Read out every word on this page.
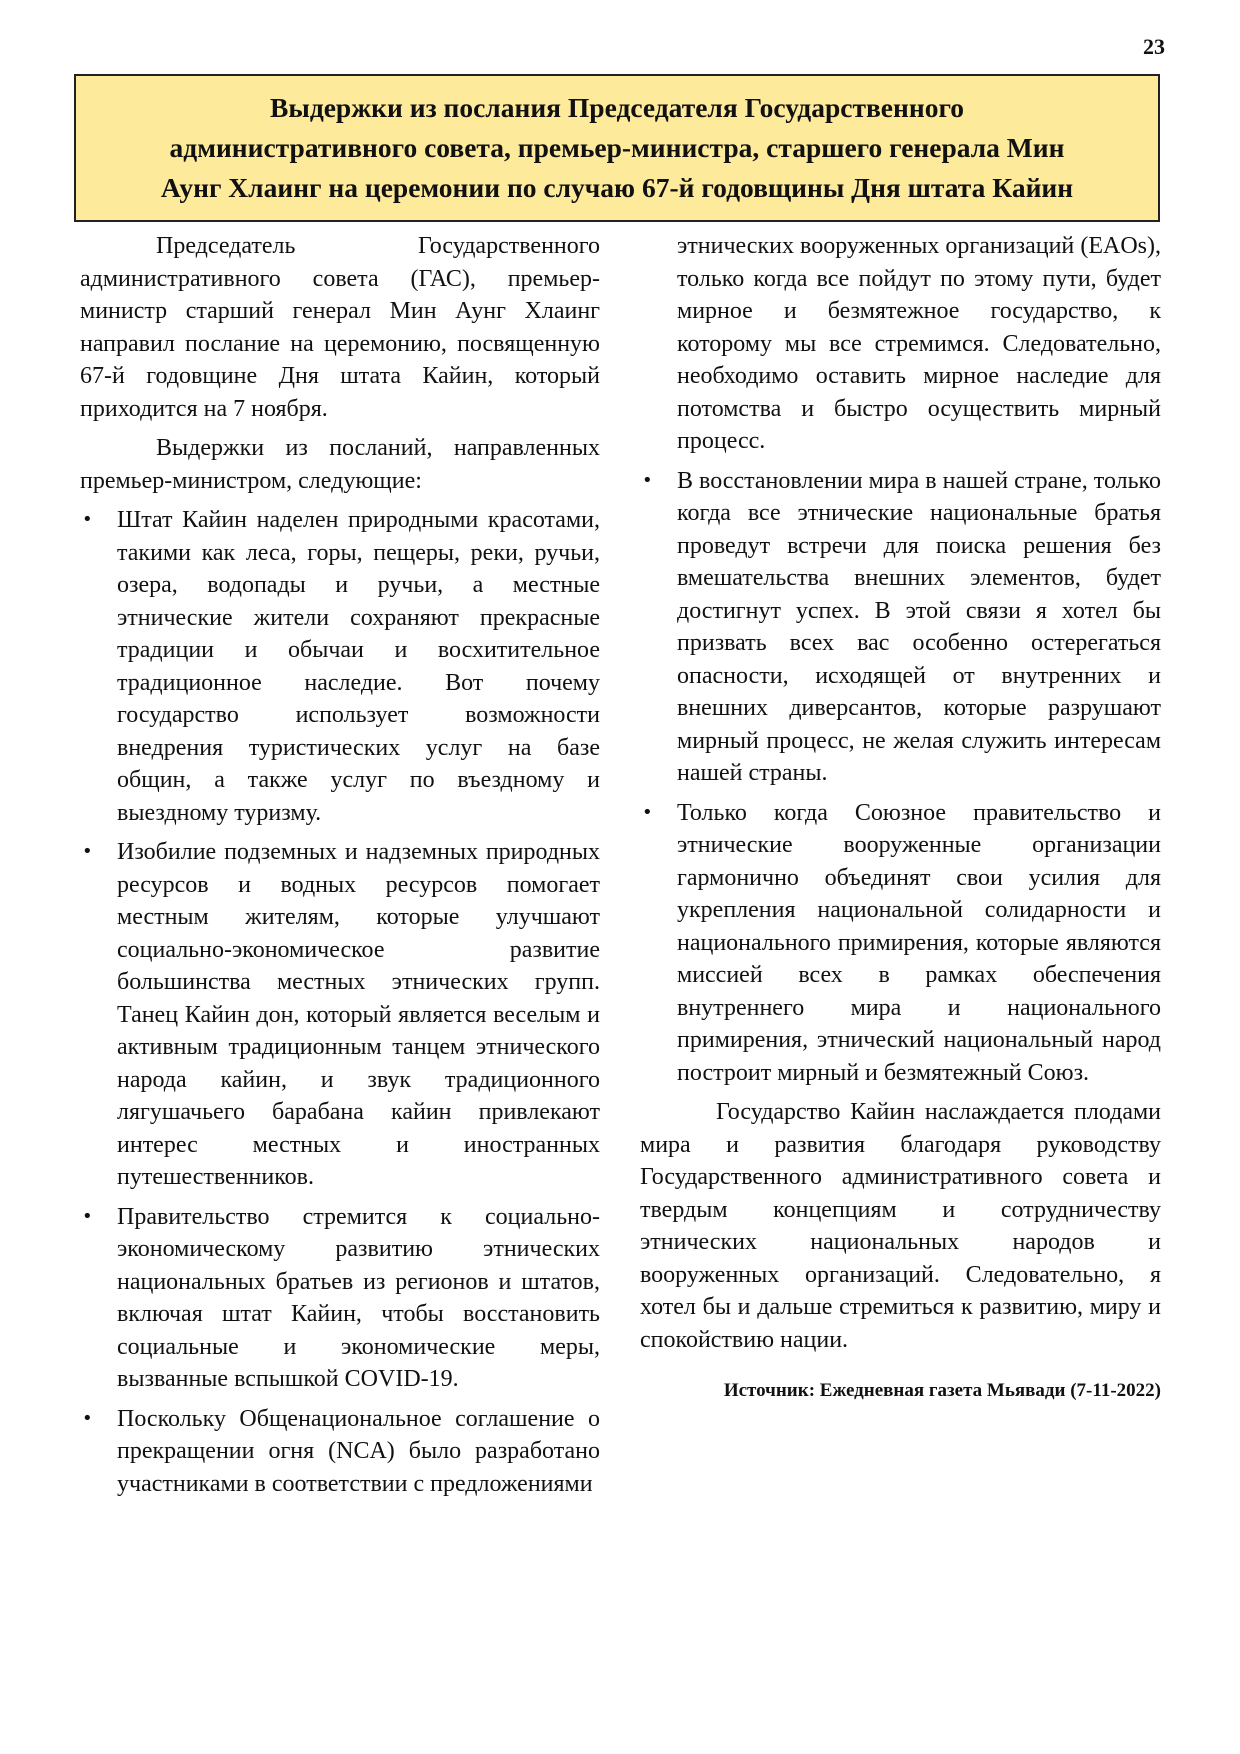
23
Выдержки из послания Председателя Государственного
административного совета, премьер-министра, старшего генерала Мин
Аунг Хлаинг на церемонии по случаю 67-й годовщины Дня штата Кайин

Председатель Государственного административного совета (ГАС), премьер-министр старший генерал Мин Аунг Хлаинг направил послание на церемонию, посвященную 67-й годовщине Дня штата Кайин, который приходится на 7 ноября.

Выдержки из посланий, направленных премьер-министром, следующие:

• Штат Кайин наделен природными красотами, такими как леса, горы, пещеры, реки, ручьи, озера, водопады и ручьи, а местные этнические жители сохраняют прекрасные традиции и обычаи и восхитительное традиционное наследие. Вот почему государство использует возможности внедрения туристических услуг на базе общин, а также услуг по въездному и выездному туризму.
• Изобилие подземных и надземных природных ресурсов и водных ресурсов помогает местным жителям, которые улучшают социально-экономическое развитие большинства местных этнических групп. Танец Кайин дон, который является веселым и активным традиционным танцем этнического народа кайин, и звук традиционного лягушачьего барабана кайин привлекают интерес местных и иностранных путешественников.
• Правительство стремится к социально-экономическому развитию этнических национальных братьев из регионов и штатов, включая штат Кайин, чтобы восстановить социальные и экономические меры, вызванные вспышкой COVID-19.
• Поскольку Общенациональное соглашение о прекращении огня (NCA) было разработано участниками в соответствии с предложениями
этнических вооруженных организаций (EAOs), только когда все пойдут по этому пути, будет мирное и безмятежное государство, к которому мы все стремимся. Следовательно, необходимо оставить мирное наследие для потомства и быстро осуществить мирный процесс.
• В восстановлении мира в нашей стране, только когда все этнические национальные братья проведут встречи для поиска решения без вмешательства внешних элементов, будет достигнут успех. В этой связи я хотел бы призвать всех вас особенно остерегаться опасности, исходящей от внутренних и внешних диверсантов, которые разрушают мирный процесс, не желая служить интересам нашей страны.
• Только когда Союзное правительство и этнические вооруженные организации гармонично объединят свои усилия для укрепления национальной солидарности и национального примирения, которые являются миссией всех в рамках обеспечения внутреннего мира и национального примирения, этнический национальный народ построит мирный и безмятежный Союз.

Государство Кайин наслаждается плодами мира и развития благодаря руководству Государственного административного совета и твердым концепциям и сотрудничеству этнических национальных народов и вооруженных организаций. Следовательно, я хотел бы и дальше стремиться к развитию, миру и спокойствию нации.

Источник: Ежедневная газета Мьявади (7-11-2022)
